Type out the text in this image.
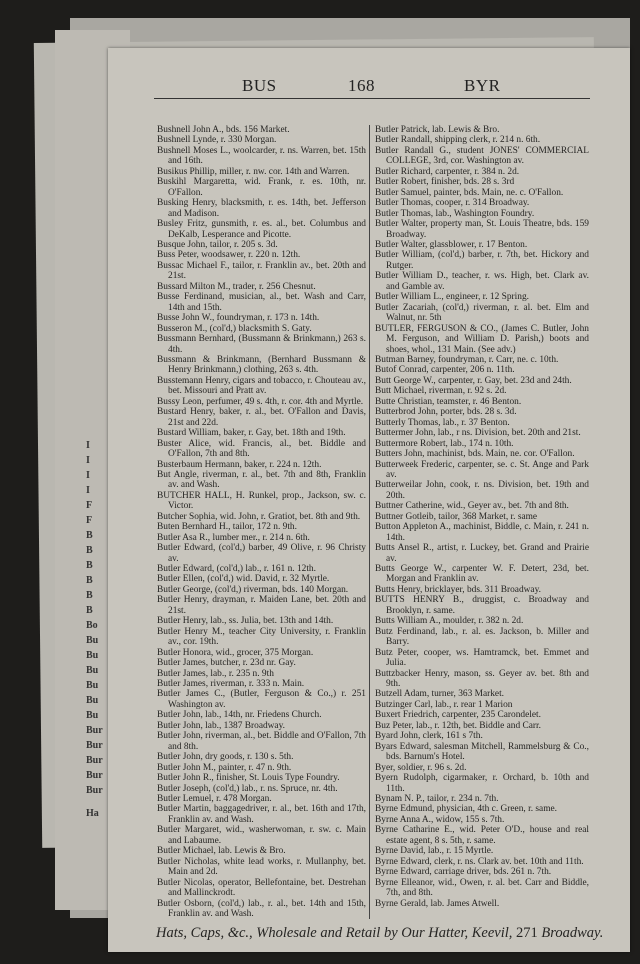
I
I
I
I
F
F
B
B
B
B
B
B
Bo
Bu
Bu
Bu
Bu
Bu
Bu
Bur
Bur
Bur
Bur
Bur
Ha
BUS	168	BYR
Bushnell John A., bds. 156 Market.
Bushnell Lynde, r. 330 Morgan.
Bushnell Moses L., woolcarder, r. ns. Warren, bet. 15th and 16th.
Busikus Phillip, miller, r. nw. cor. 14th and Warren.
Buskihl Margaretta, wid. Frank, r. es. 10th, nr. O'Fallon.
Busking Henry, blacksmith, r. es. 14th, bet. Jefferson and Madison.
Busley Fritz, gunsmith, r. es. al., bet. Columbus and DeKalb, Lesperance and Picotte.
Busque John, tailor, r. 205 s. 3d.
Buss Peter, woodsawer, r. 220 n. 12th.
Bussac Michael F., tailor, r. Franklin av., bet. 20th and 21st.
Bussard Milton M., trader, r. 256 Chesnut.
Busse Ferdinand, musician, al., bet. Wash and Carr, 14th and 15th.
Busse John W., foundryman, r. 173 n. 14th.
Busseron M., (col'd,) blacksmith S. Gaty.
Bussmann Bernhard, (Bussmann & Brinkmann,) 263 s. 4th.
Bussmann & Brinkmann, (Bernhard Bussmann & Henry Brinkmann,) clothing, 263 s. 4th.
Busstemann Henry, cigars and tobacco, r. Chouteau av., bet. Missouri and Pratt av.
Bussy Leon, perfumer, 49 s. 4th, r. cor. 4th and Myrtle.
Bustard Henry, baker, r. al., bet. O'Fallon and Davis, 21st and 22d.
Bustard William, baker, r. Gay, bet. 18th and 19th.
Buster Alice, wid. Francis, al., bet. Biddle and O'Fallon, 7th and 8th.
Busterbaum Hermann, baker, r. 224 n. 12th.
But Angle, riverman, r. al., bet. 7th and 8th, Franklin av. and Wash.
BUTCHER HALL, H. Runkel, prop., Jackson, sw. c. Victor.
Butcher Sophia, wid. John, r. Gratiot, bet. 8th and 9th.
Buten Bernhard H., tailor, 172 n. 9th.
Butler Asa R., lumber mer., r. 214 n. 6th.
Butler Edward, (col'd,) barber, 49 Olive, r. 96 Christy av.
Butler Edward, (col'd,) lab., r. 161 n. 12th.
Butler Ellen, (col'd,) wid. David, r. 32 Myrtle.
Butler George, (col'd,) riverman, bds. 140 Morgan.
Butler Henry, drayman, r. Maiden Lane, bet. 20th and 21st.
Butler Henry, lab., ss. Julia, bet. 13th and 14th.
Butler Henry M., teacher City University, r. Franklin av., cor. 19th.
Butler Honora, wid., grocer, 375 Morgan.
Butler James, butcher, r. 23d nr. Gay.
Butler James, lab., r. 235 n. 9th
Butler James, riverman, r. 333 n. Main.
Butler James C., (Butler, Ferguson & Co.,) r. 251 Washington av.
Butler John, lab., 14th, nr. Friedens Church.
Butler John, lab., 1387 Broadway.
Butler John, riverman, al., bet. Biddle and O'Fallon, 7th and 8th.
Butler John, dry goods, r. 130 s. 5th.
Butler John M., painter, r. 47 n. 9th.
Butler John R., finisher, St. Louis Type Foundry.
Butler Joseph, (col'd,) lab., r. ns. Spruce, nr. 4th.
Butler Lemuel, r. 478 Morgan.
Butler Martin, baggagedriver, r. al., bet. 16th and 17th, Franklin av. and Wash.
Butler Margaret, wid., washerwoman, r. sw. c. Main and Labaume.
Butler Michael, lab. Lewis & Bro.
Butler Nicholas, white lead works, r. Mullanphy, bet. Main and 2d.
Butler Nicolas, operator, Bellefontaine, bet. Destrehan and Mallinckrodt.
Butler Osborn, (col'd,) lab., r. al., bet. 14th and 15th, Franklin av. and Wash.
Butler Patrick, lab. Lewis & Bro.
Butler Randall, shipping clerk, r. 214 n. 6th.
Butler Randall G., student JONES' COMMERCIAL COLLEGE, 3rd, cor. Washington av.
Butler Richard, carpenter, r. 384 n. 2d.
Butler Robert, finisher, bds. 28 s. 3rd
Butler Samuel, painter, bds. Main, ne. c. O'Fallon.
Butler Thomas, cooper, r. 314 Broadway.
Butler Thomas, lab., Washington Foundry.
Butler Walter, property man, St. Louis Theatre, bds. 159 Broadway.
Butler Walter, glassblower, r. 17 Benton.
Butler William, (col'd,) barber, r. 7th, bet. Hickory and Rutger.
Butler William D., teacher, r. ws. High, bet. Clark av. and Gamble av.
Butler William L., engineer, r. 12 Spring.
Butler Zacariah, (col'd,) riverman, r. al. bet. Elm and Walnut, nr. 5th
BUTLER, FERGUSON & CO., (James C. Butler, John M. Ferguson, and William D. Parish,) boots and shoes, whol., 131 Main. (See adv.)
Butman Barney, foundryman, r. Carr, ne. c. 10th.
Butof Conrad, carpenter, 206 n. 11th.
Butt George W., carpenter, r. Gay, bet. 23d and 24th.
Butt Michael, riverman, r. 92 s. 2d.
Butte Christian, teamster, r. 46 Benton.
Butterbrod John, porter, bds. 28 s. 3d.
Butterly Thomas, lab., r. 37 Benton.
Buttermer John, lab., r ns. Division, bet. 20th and 21st.
Buttermore Robert, lab., 174 n. 10th.
Butters John, machinist, bds. Main, ne. cor. O'Fallon.
Butterweek Frederic, carpenter, se. c. St. Ange and Park av.
Butterweilar John, cook, r. ns. Division, bet. 19th and 20th.
Buttner Catherine, wid., Geyer av., bet. 7th and 8th.
Buttner Gotleib, tailor, 368 Market, r. same
Button Appleton A., machinist, Biddle, c. Main, r. 241 n. 14th.
Butts Ansel R., artist, r. Luckey, bet. Grand and Prairie av.
Butts George W., carpenter W. F. Detert, 23d, bet. Morgan and Franklin av.
Butts Henry, bricklayer, bds. 311 Broadway.
BUTTS HENRY B., druggist, c. Broadway and Brooklyn, r. same.
Butts William A., moulder, r. 382 n. 2d.
Butz Ferdinand, lab., r. al. es. Jackson, b. Miller and Barry.
Butz Peter, cooper, ws. Hamtramck, bet. Emmet and Julia.
Buttzbacker Henry, mason, ss. Geyer av. bet. 8th and 9th.
Butzell Adam, turner, 363 Market.
Butzinger Carl, lab., r. rear 1 Marion
Buxert Friedrich, carpenter, 235 Carondelet.
Buz Peter, lab., r. 12th, bet. Biddle and Carr.
Byard John, clerk, 161 s 7th.
Byars Edward, salesman Mitchell, Rammelsburg & Co., bds. Barnum's Hotel.
Byer, soldier, r. 96 s. 2d.
Byern Rudolph, cigarmaker, r. Orchard, b. 10th and 11th.
Bynam N. P., tailor, r. 234 n. 7th.
Byrne Edmund, physician, 4th c. Green, r. same.
Byrne Anna A., widow, 155 s. 7th.
Byrne Catharine E., wid. Peter O'D., house and real estate agent, 8 s. 5th, r. same.
Byrne David, lab., r. 15 Myrtle.
Byrne Edward, clerk, r. ns. Clark av. bet. 10th and 11th.
Byrne Edward, carriage driver, bds. 261 n. 7th.
Byrne Elleanor, wid., Owen, r. al. bet. Carr and Biddle, 7th, and 8th.
Byrne Gerald, lab. James Atwell.
Hats, Caps, &c., Wholesale and Retail by Our Hatter, Keevil, 271 Broadway.
